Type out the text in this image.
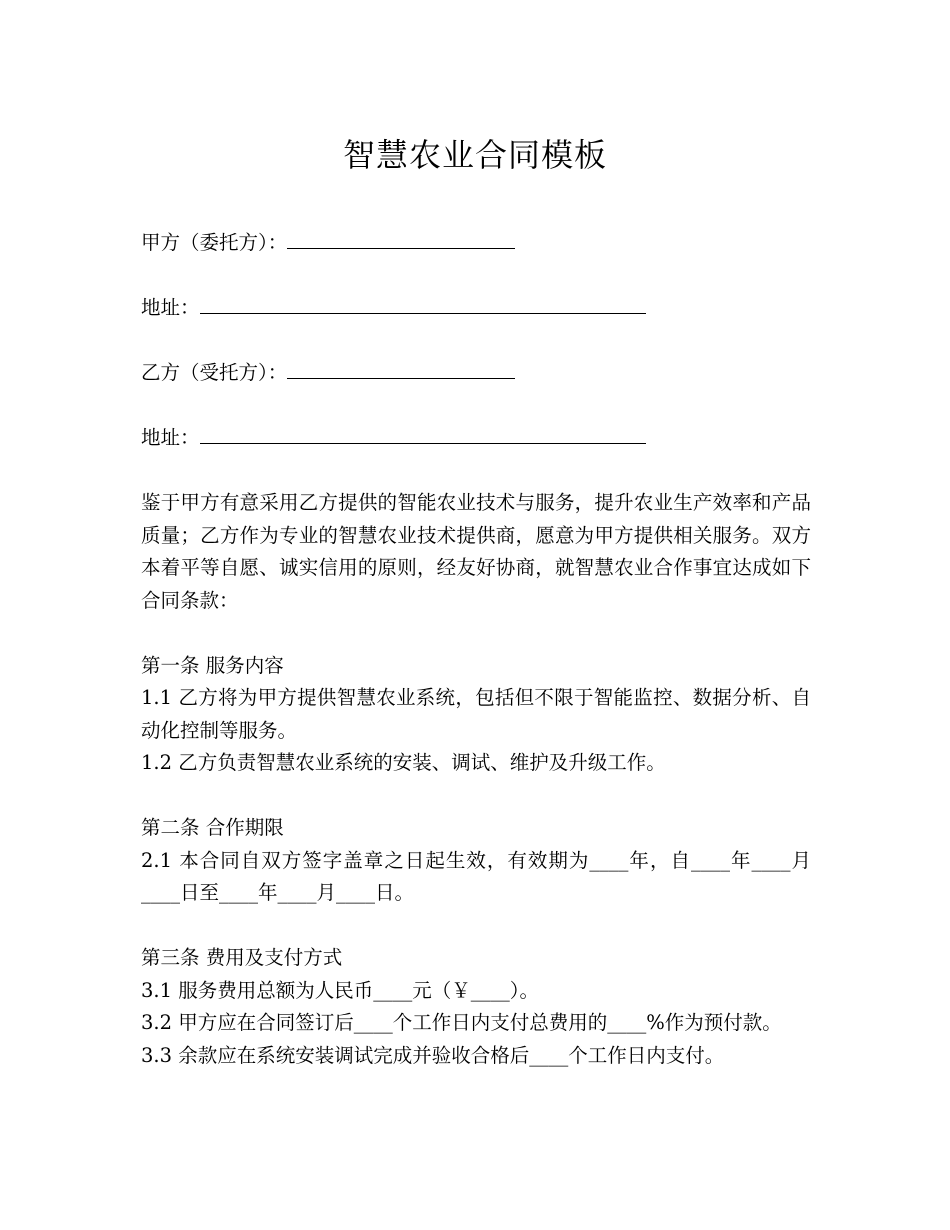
智慧农业合同模板

甲方（委托方）：

地址：

乙方（受托方）：

地址：

鉴于甲方有意采用乙方提供的智能农业技术与服务，提升农业生产效率和产品质量；乙方作为专业的智慧农业技术提供商，愿意为甲方提供相关服务。双方本着平等自愿、诚实信用的原则，经友好协商，就智慧农业合作事宜达成如下合同条款：

第一条 服务内容

1.1 乙方将为甲方提供智慧农业系统，包括但不限于智能监控、数据分析、自动化控制等服务。

1.2 乙方负责智慧农业系统的安装、调试、维护及升级工作。

第二条 合作期限

2.1 本合同自双方签字盖章之日起生效，有效期为____年，自____年____月____日至____年____月____日。

第三条 费用及支付方式

3.1 服务费用总额为人民币____元（￥____）。

3.2 甲方应在合同签订后____个工作日内支付总费用的____%作为预付款。

3.3 余款应在系统安装调试完成并验收合格后____个工作日内支付。
